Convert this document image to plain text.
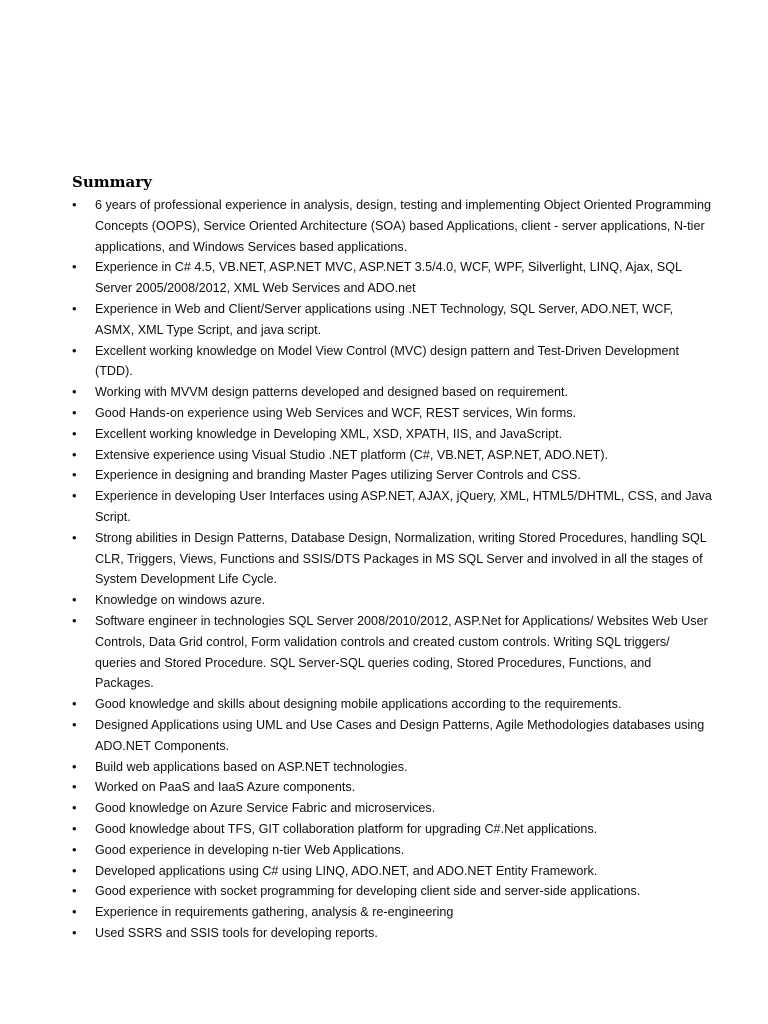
Summary
• 6 years of professional experience in analysis, design, testing and implementing Object Oriented Programming Concepts (OOPS), Service Oriented Architecture (SOA) based Applications, client - server applications, N-tier applications, and Windows Services based applications.
• Experience in C# 4.5, VB.NET, ASP.NET MVC, ASP.NET 3.5/4.0, WCF, WPF, Silverlight, LINQ, Ajax, SQL Server 2005/2008/2012, XML Web Services and ADO.net
• Experience in Web and Client/Server applications using .NET Technology, SQL Server, ADO.NET, WCF, ASMX, XML Type Script, and java script.
• Excellent working knowledge on Model View Control (MVC) design pattern and Test-Driven Development (TDD).
• Working with MVVM design patterns developed and designed based on requirement.
• Good Hands-on experience using Web Services and WCF, REST services, Win forms.
• Excellent working knowledge in Developing XML, XSD, XPATH, IIS, and JavaScript.
• Extensive experience using Visual Studio .NET platform (C#, VB.NET, ASP.NET, ADO.NET).
• Experience in designing and branding Master Pages utilizing Server Controls and CSS.
• Experience in developing User Interfaces using ASP.NET, AJAX, jQuery, XML, HTML5/DHTML, CSS, and Java Script.
• Strong abilities in Design Patterns, Database Design, Normalization, writing Stored Procedures, handling SQL CLR, Triggers, Views, Functions and SSIS/DTS Packages in MS SQL Server and involved in all the stages of System Development Life Cycle.
• Knowledge on windows azure.
• Software engineer in technologies SQL Server 2008/2010/2012, ASP.Net for Applications/ Websites Web User Controls, Data Grid control, Form validation controls and created custom controls. Writing SQL triggers/ queries and Stored Procedure. SQL Server-SQL queries coding, Stored Procedures, Functions, and Packages.
• Good knowledge and skills about designing mobile applications according to the requirements.
• Designed Applications using UML and Use Cases and Design Patterns, Agile Methodologies databases using ADO.NET Components.
• Build web applications based on ASP.NET technologies.
• Worked on PaaS and IaaS Azure components.
• Good knowledge on Azure Service Fabric and microservices.
• Good knowledge about TFS, GIT collaboration platform for upgrading C#.Net applications.
• Good experience in developing n-tier Web Applications.
• Developed applications using C# using LINQ, ADO.NET, and ADO.NET Entity Framework.
• Good experience with socket programming for developing client side and server-side applications.
• Experience in requirements gathering, analysis & re-engineering
• Used SSRS and SSIS tools for developing reports.
